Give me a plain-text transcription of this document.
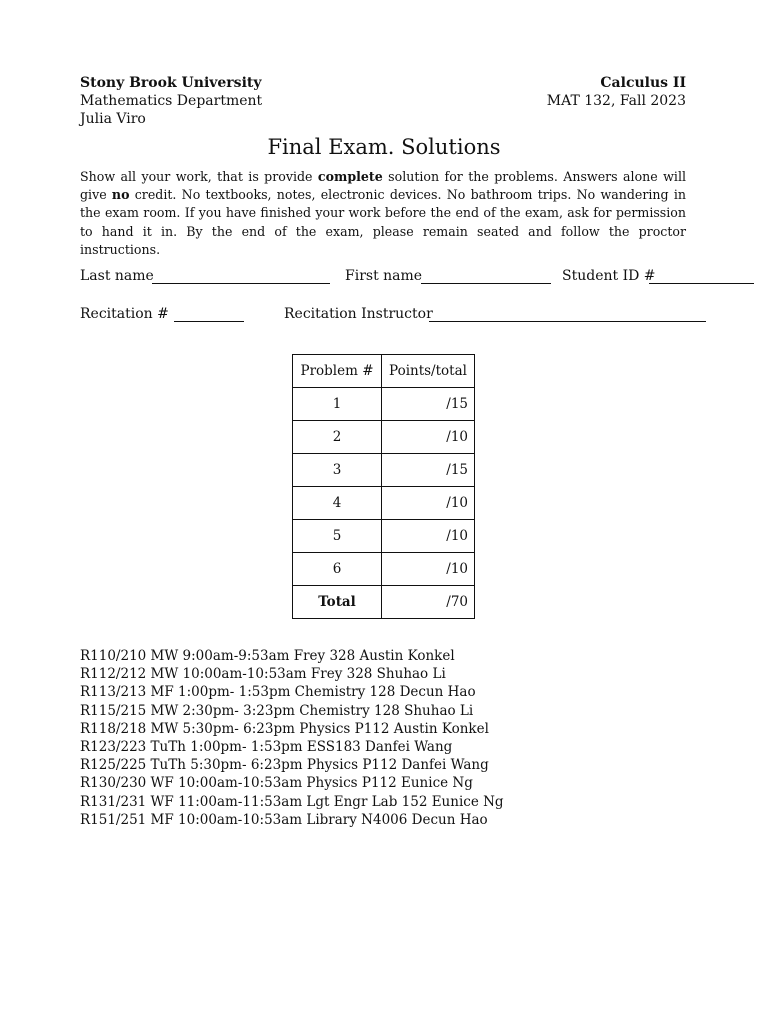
Stony Brook University
Mathematics Department
Julia Viro
Calculus II
MAT 132, Fall 2023
Final Exam. Solutions
Show all your work, that is provide complete solution for the problems. Answers alone will give no credit. No textbooks, notes, electronic devices. No bathroom trips. No wandering in the exam room. If you have finished your work before the end of the exam, ask for permission to hand it in. By the end of the exam, please remain seated and follow the proctor instructions.
Last name	First name	Student ID #
Recitation #	Recitation Instructor
Problem #	Points/total
1	/15
2	/10
3	/15
4	/10
5	/10
6	/10
Total	/70
R110/210 MW 9:00am-9:53am Frey 328 Austin Konkel
R112/212 MW 10:00am-10:53am Frey 328 Shuhao Li
R113/213 MF 1:00pm- 1:53pm Chemistry 128 Decun Hao
R115/215 MW 2:30pm- 3:23pm Chemistry 128 Shuhao Li
R118/218 MW 5:30pm- 6:23pm Physics P112 Austin Konkel
R123/223 TuTh 1:00pm- 1:53pm ESS183 Danfei Wang
R125/225 TuTh 5:30pm- 6:23pm Physics P112 Danfei Wang
R130/230 WF 10:00am-10:53am Physics P112 Eunice Ng
R131/231 WF 11:00am-11:53am Lgt Engr Lab 152 Eunice Ng
R151/251 MF 10:00am-10:53am Library N4006 Decun Hao
